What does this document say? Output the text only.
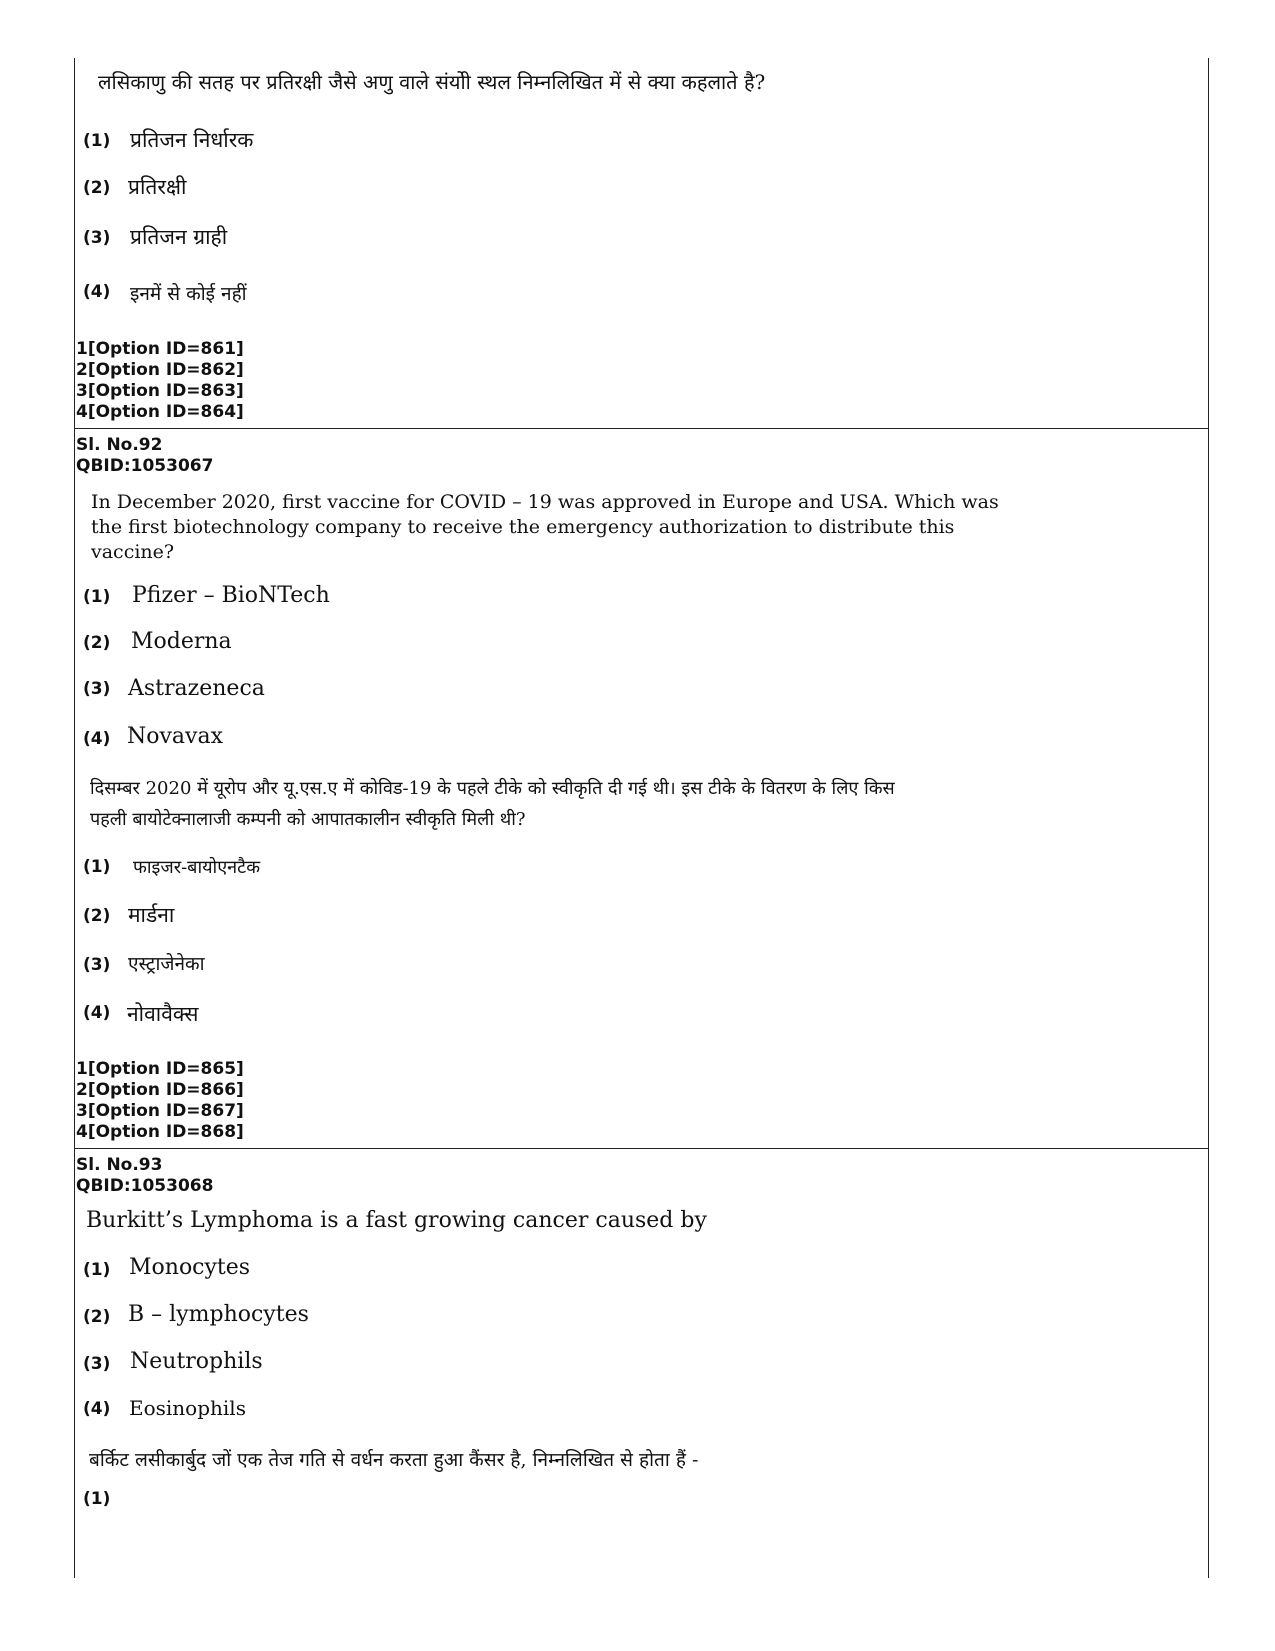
लसिकाणु की सतह पर प्रतिरक्षी जैसे अणु वाले संयोी स्थल निम्नलिखित में से क्या कहलाते है?
(1) प्रतिजन निर्धारक
(2) प्रतिरक्षी
(3) प्रतिजन ग्राही
(4) इनमें से कोई नहीं
1[Option ID=861]
2[Option ID=862]
3[Option ID=863]
4[Option ID=864]
Sl. No.92
QBID:1053067
In December 2020, first vaccine for COVID – 19 was approved in Europe and USA. Which was the first biotechnology company to receive the emergency authorization to distribute this vaccine?
(1) Pfizer – BioNTech
(2) Moderna
(3) Astrazeneca
(4) Novavax
दिसम्बर 2020 में यूरोप और यू.एस.ए में कोविड-19 के पहले टीके को स्वीकृति दी गई थी। इस टीके के वितरण के लिए किस
पहली बायोटेक्नालाजी कम्पनी को आपातकालीन स्वीकृति मिली थी?
(1) फाइजर-बायोएनटैक
(2) मार्डना
(3) एस्ट्राजेनेका
(4) नोवावैक्स
1[Option ID=865]
2[Option ID=866]
3[Option ID=867]
4[Option ID=868]
Sl. No.93
QBID:1053068
Burkitt’s Lymphoma is a fast growing cancer caused by
(1) Monocytes
(2) B – lymphocytes
(3) Neutrophils
(4) Eosinophils
बर्किट लसीकार्बुद जों एक तेज गति से वर्धन करता हुआ कैंसर है, निम्नलिखित से होता हैं -
(1)
